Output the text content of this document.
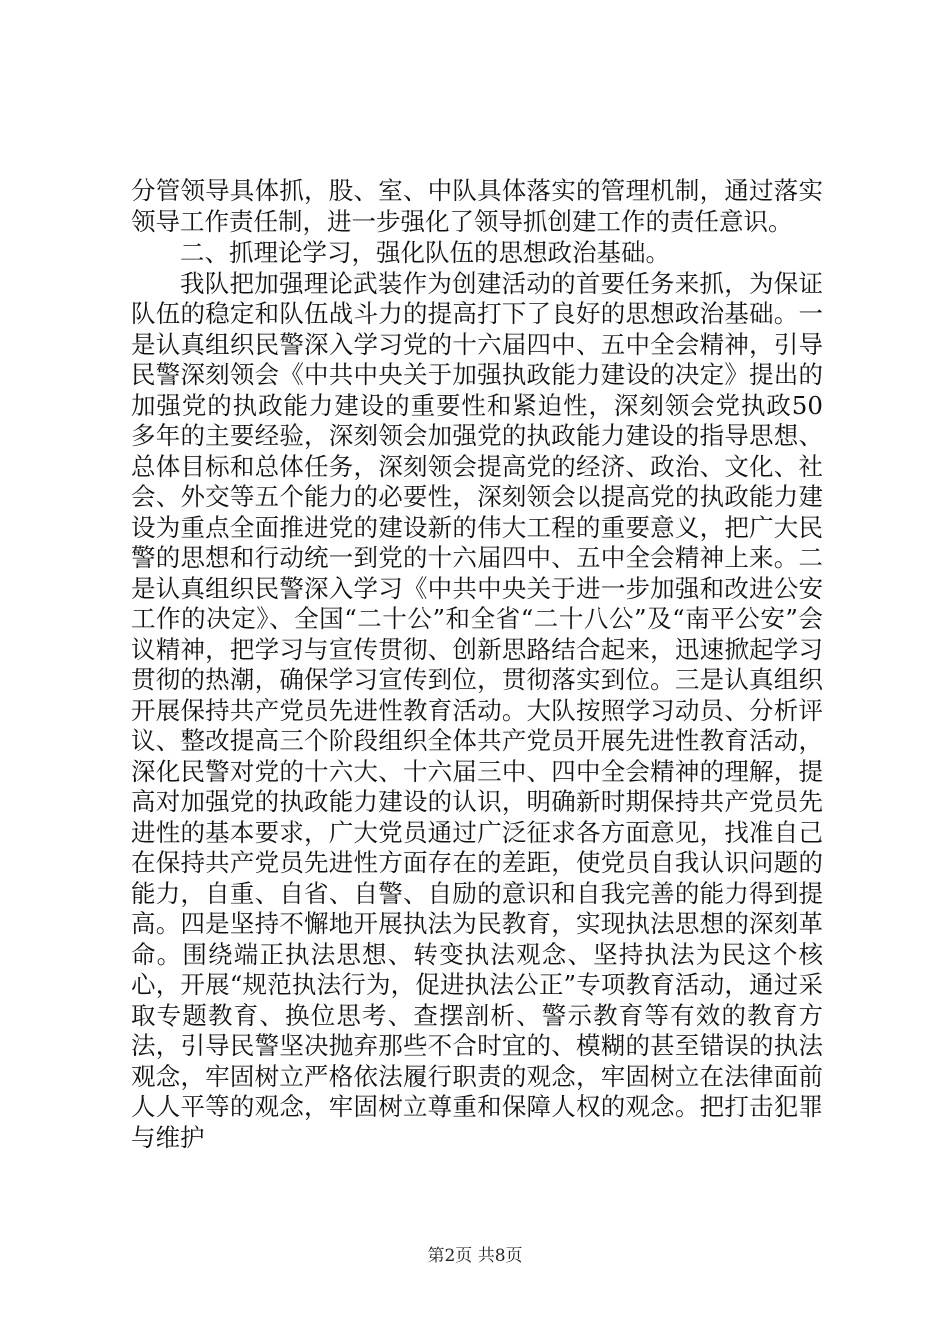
分管领导具体抓，股、室、中队具体落实的管理机制，通过落实领导工作责任制，进一步强化了领导抓创建工作的责任意识。

二、抓理论学习，强化队伍的思想政治基础。

我队把加强理论武装作为创建活动的首要任务来抓，为保证队伍的稳定和队伍战斗力的提高打下了良好的思想政治基础。一是认真组织民警深入学习党的十六届四中、五中全会精神，引导民警深刻领会《中共中央关于加强执政能力建设的决定》提出的加强党的执政能力建设的重要性和紧迫性，深刻领会党执政50多年的主要经验，深刻领会加强党的执政能力建设的指导思想、总体目标和总体任务，深刻领会提高党的经济、政治、文化、社会、外交等五个能力的必要性，深刻领会以提高党的执政能力建设为重点全面推进党的建设新的伟大工程的重要意义，把广大民警的思想和行动统一到党的十六届四中、五中全会精神上来。二是认真组织民警深入学习《中共中央关于进一步加强和改进公安工作的决定》、全国“二十公”和全省“二十八公”及“南平公安”会议精神，把学习与宣传贯彻、创新思路结合起来，迅速掀起学习贯彻的热潮，确保学习宣传到位，贯彻落实到位。三是认真组织开展保持共产党员先进性教育活动。大队按照学习动员、分析评议、整改提高三个阶段组织全体共产党员开展先进性教育活动，深化民警对党的十六大、十六届三中、四中全会精神的理解，提高对加强党的执政能力建设的认识，明确新时期保持共产党员先进性的基本要求，广大党员通过广泛征求各方面意见，找准自己在保持共产党员先进性方面存在的差距，使党员自我认识问题的能力，自重、自省、自警、自励的意识和自我完善的能力得到提高。四是坚持不懈地开展执法为民教育，实现执法思想的深刻革命。围绕端正执法思想、转变执法观念、坚持执法为民这个核心，开展“规范执法行为，促进执法公正”专项教育活动，通过采取专题教育、换位思考、查摆剖析、警示教育等有效的教育方法，引导民警坚决抛弃那些不合时宜的、模糊的甚至错误的执法观念，牢固树立严格依法履行职责的观念，牢固树立在法律面前人人平等的观念，牢固树立尊重和保障人权的观念。把打击犯罪与维护

第2页 共8页
